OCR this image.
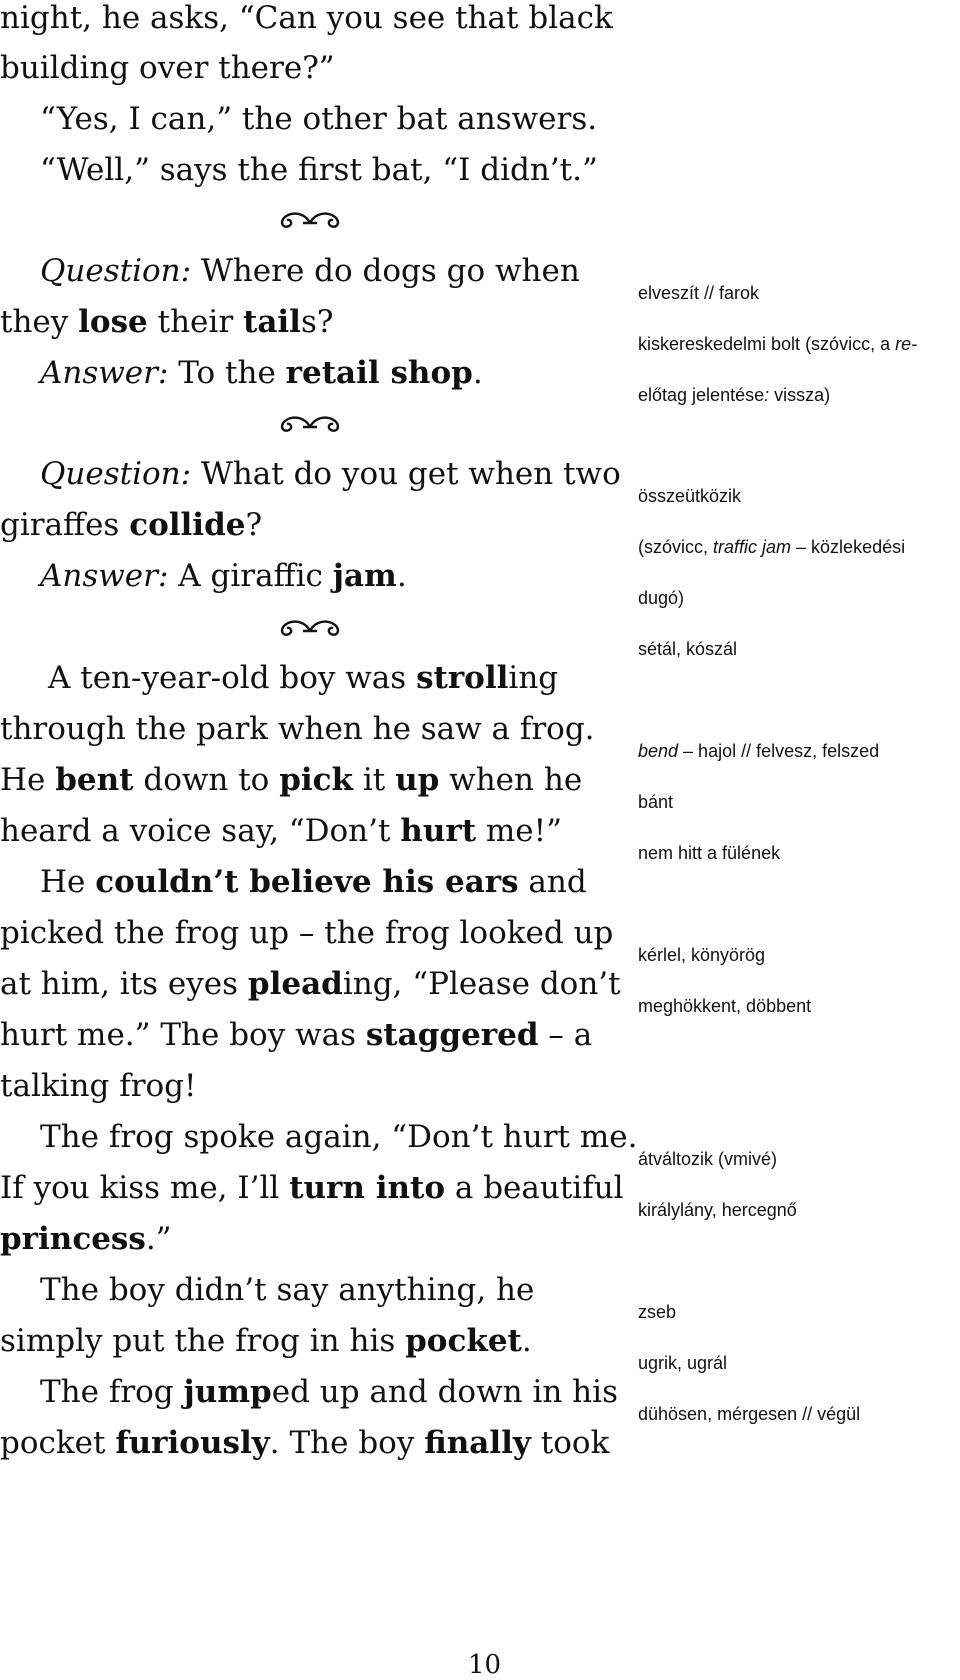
night, he asks, “Can you see that black
building over there?”
“Yes, I can,” the other bat answers.
“Well,” says the first bat, “I didn’t.”
Question: Where do dogs go when
they lose their tails?
Answer: To the retail shop.
Question: What do you get when two
giraffes collide?
Answer: A giraffic jam.
A ten-year-old boy was strolling
through the park when he saw a frog.
He bent down to pick it up when he
heard a voice say, “Don’t hurt me!”
He couldn’t believe his ears and
picked the frog up – the frog looked up
at him, its eyes pleading, “Please don’t
hurt me.” The boy was staggered – a
talking frog!
The frog spoke again, “Don’t hurt me.
If you kiss me, I’ll turn into a beautiful
princess.”
The boy didn’t say anything, he
simply put the frog in his pocket.
The frog jumped up and down in his
pocket furiously. The boy finally took
elveszít // farok
kiskereskedelmi bolt (szóvicc, a re-
előtag jelentése: vissza)
összeütközik
(szóvicc, traffic jam – közlekedési
dugó)
sétál, kószál
bend – hajol // felvesz, felszed
bánt
nem hitt a fülének
kérlel, könyörög
meghökkent, döbbent
átváltozik (vmivé)
királylány, hercegnő
zseb
ugrik, ugrál
dühösen, mérgesen // végül
10
